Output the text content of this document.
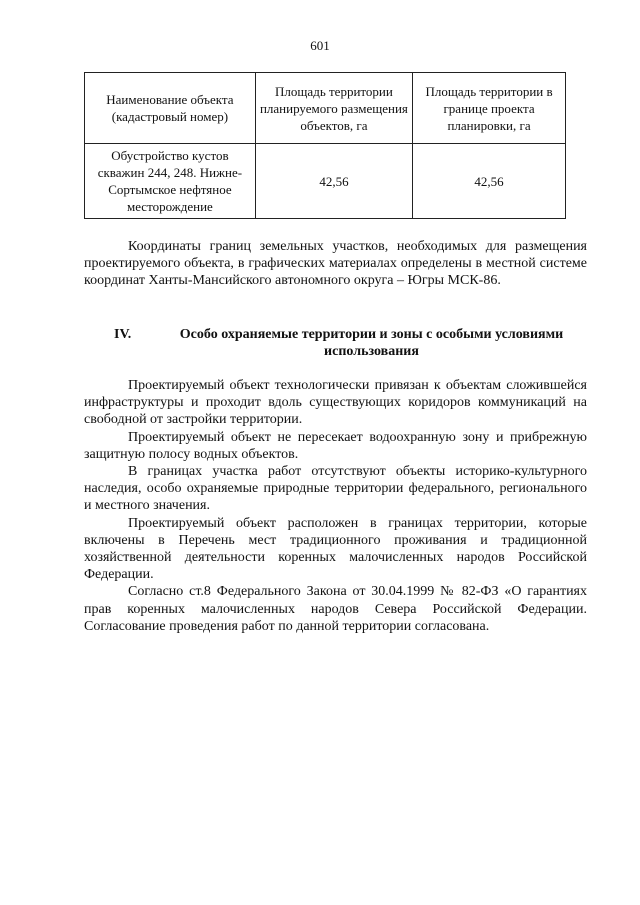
601
Наименование объекта (кадастровый номер)	Площадь территории планируемого размещения объектов, га	Площадь территории в границе проекта планировки, га
Обустройство кустов скважин 244, 248. Нижне-Сортымское нефтяное месторождение	42,56	42,56

Координаты границ земельных участков, необходимых для размещения проектируемого объекта, в графических материалах определены в местной системе координат Ханты-Мансийского автономного округа – Югры МСК-86.

IV.	Особо охраняемые территории и зоны с особыми условиями использования

Проектируемый объект технологически привязан к объектам сложившейся инфраструктуры и проходит вдоль существующих коридоров коммуникаций на свободной от застройки территории.

Проектируемый объект не пересекает водоохранную зону и прибрежную защитную полосу водных объектов.

В границах участка работ отсутствуют объекты историко-культурного наследия, особо охраняемые природные территории федерального, регионального и местного значения.

Проектируемый объект расположен в границах территории, которые включены в Перечень мест традиционного проживания и традиционной хозяйственной деятельности коренных малочисленных народов Российской Федерации.

Согласно ст.8 Федерального Закона от 30.04.1999 № 82-ФЗ «О гарантиях прав коренных малочисленных народов Севера Российской Федерации. Согласование проведения работ по данной территории согласована.
